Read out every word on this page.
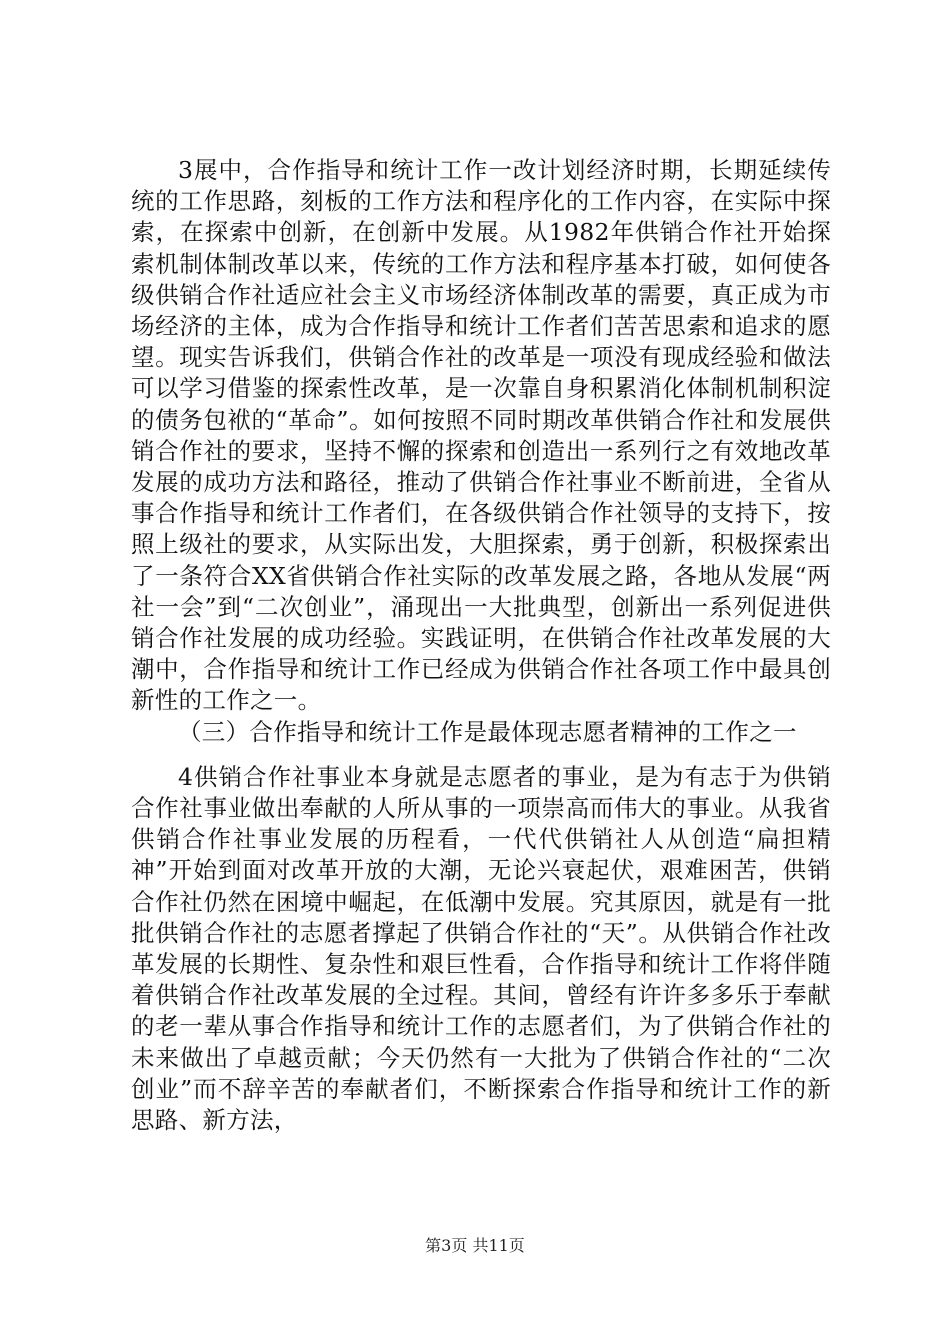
3展中，合作指导和统计工作一改计划经济时期，长期延续传统的工作思路，刻板的工作方法和程序化的工作内容，在实际中探索，在探索中创新，在创新中发展。从1982年供销合作社开始探索机制体制改革以来，传统的工作方法和程序基本打破，如何使各级供销合作社适应社会主义市场经济体制改革的需要，真正成为市场经济的主体，成为合作指导和统计工作者们苦苦思索和追求的愿望。现实告诉我们，供销合作社的改革是一项没有现成经验和做法可以学习借鉴的探索性改革，是一次靠自身积累消化体制机制积淀的债务包袱的“革命”。如何按照不同时期改革供销合作社和发展供销合作社的要求，坚持不懈的探索和创造出一系列行之有效地改革发展的成功方法和路径，推动了供销合作社事业不断前进，全省从事合作指导和统计工作者们，在各级供销合作社领导的支持下，按照上级社的要求，从实际出发，大胆探索，勇于创新，积极探索出了一条符合XX省供销合作社实际的改革发展之路，各地从发展“两社一会”到“二次创业”，涌现出一大批典型，创新出一系列促进供销合作社发展的成功经验。实践证明，在供销合作社改革发展的大潮中，合作指导和统计工作已经成为供销合作社各项工作中最具创新性的工作之一。

（三）合作指导和统计工作是最体现志愿者精神的工作之一

4供销合作社事业本身就是志愿者的事业，是为有志于为供销合作社事业做出奉献的人所从事的一项崇高而伟大的事业。从我省供销合作社事业发展的历程看，一代代供销社人从创造“扁担精神”开始到面对改革开放的大潮，无论兴衰起伏，艰难困苦，供销合作社仍然在困境中崛起，在低潮中发展。究其原因，就是有一批批供销合作社的志愿者撑起了供销合作社的“天”。从供销合作社改革发展的长期性、复杂性和艰巨性看，合作指导和统计工作将伴随着供销合作社改革发展的全过程。其间，曾经有许许多多乐于奉献的老一辈从事合作指导和统计工作的志愿者们，为了供销合作社的未来做出了卓越贡献；今天仍然有一大批为了供销合作社的“二次创业”而不辞辛苦的奉献者们，不断探索合作指导和统计工作的新思路、新方法，

第3页 共11页
